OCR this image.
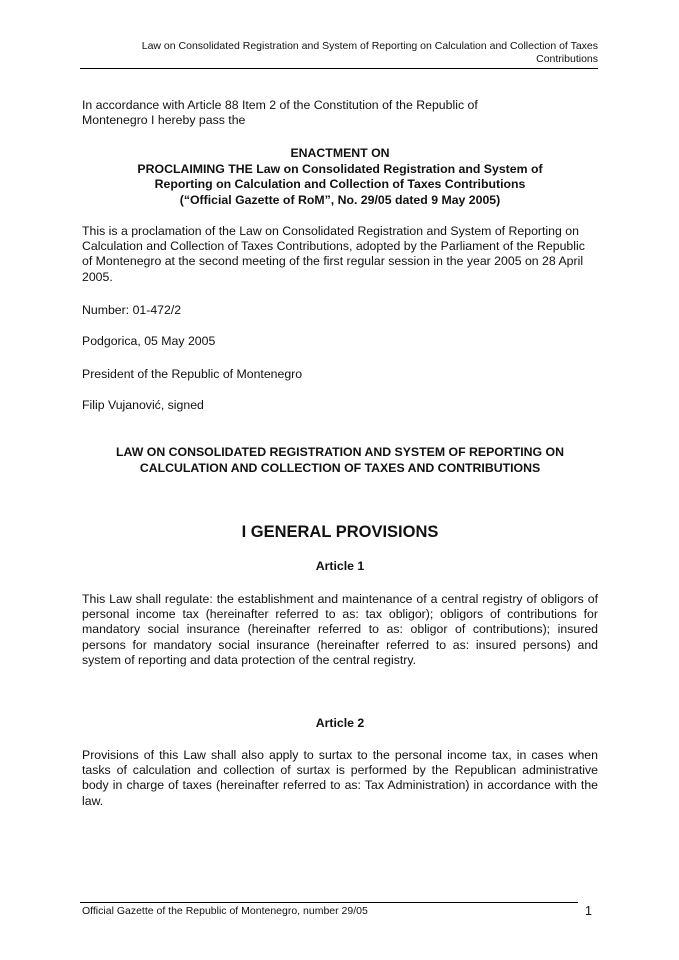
Law on Consolidated Registration and System of Reporting on Calculation and Collection of Taxes
Contributions

In accordance with Article 88 Item 2 of the Constitution of the Republic of Montenegro I hereby pass the

ENACTMENT ON
PROCLAIMING THE Law on Consolidated Registration and System of
Reporting on Calculation and Collection of Taxes Contributions
(“Official Gazette of RoM”, No. 29/05 dated 9 May 2005)

This is a proclamation of the Law on Consolidated Registration and System of Reporting on Calculation and Collection of Taxes Contributions, adopted by the Parliament of the Republic of Montenegro at the second meeting of the first regular session in the year 2005 on 28 April 2005.

Number: 01-472/2

Podgorica, 05 May 2005

President of the Republic of Montenegro

Filip Vujanović, signed

LAW ON CONSOLIDATED REGISTRATION AND SYSTEM OF REPORTING ON
CALCULATION AND COLLECTION OF TAXES AND CONTRIBUTIONS
I GENERAL PROVISIONS
Article 1

This Law shall regulate: the establishment and maintenance of a central registry of obligors of personal income tax (hereinafter referred to as: tax obligor); obligors of contributions for mandatory social insurance (hereinafter referred to as: obligor of contributions); insured persons for mandatory social insurance (hereinafter referred to as: insured persons) and system of reporting and data protection of the central registry.

Article 2

Provisions of this Law shall also apply to surtax to the personal income tax, in cases when tasks of calculation and collection of surtax is performed by the Republican administrative body in charge of taxes (hereinafter referred to as: Tax Administration) in accordance with the law.

Official Gazette of the Republic of Montenegro, number 29/05	1
